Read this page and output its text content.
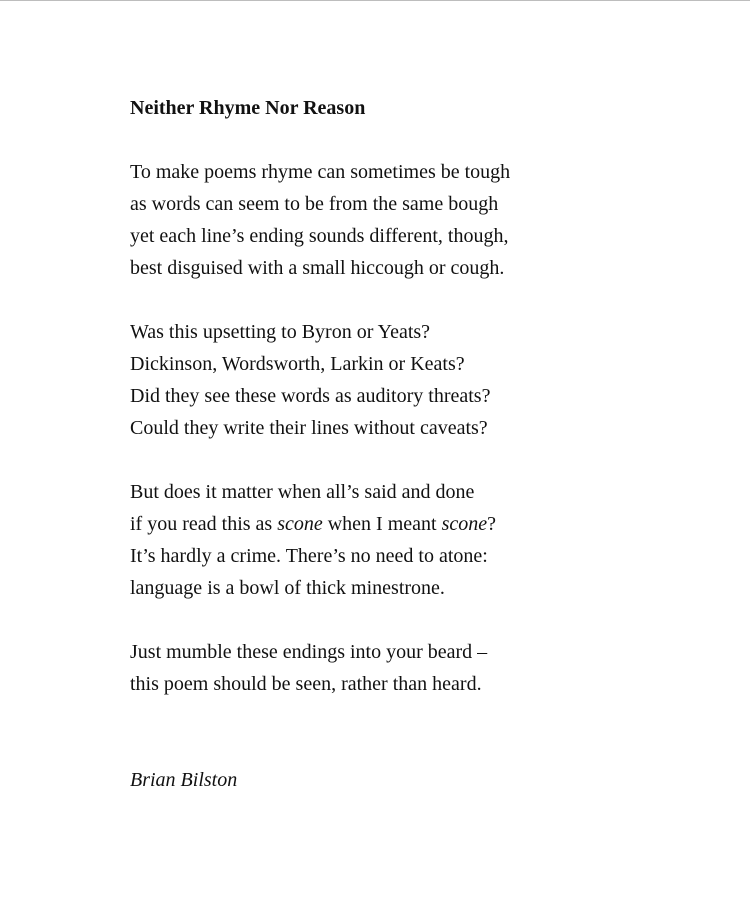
Neither Rhyme Nor Reason

To make poems rhyme can sometimes be tough
as words can seem to be from the same bough
yet each line’s ending sounds different, though,
best disguised with a small hiccough or cough.
Was this upsetting to Byron or Yeats?
Dickinson, Wordsworth, Larkin or Keats?
Did they see these words as auditory threats?
Could they write their lines without caveats?
But does it matter when all’s said and done
if you read this as scone when I meant scone?
It’s hardly a crime. There’s no need to atone:
language is a bowl of thick minestrone.
Just mumble these endings into your beard –
this poem should be seen, rather than heard.

Brian Bilston
